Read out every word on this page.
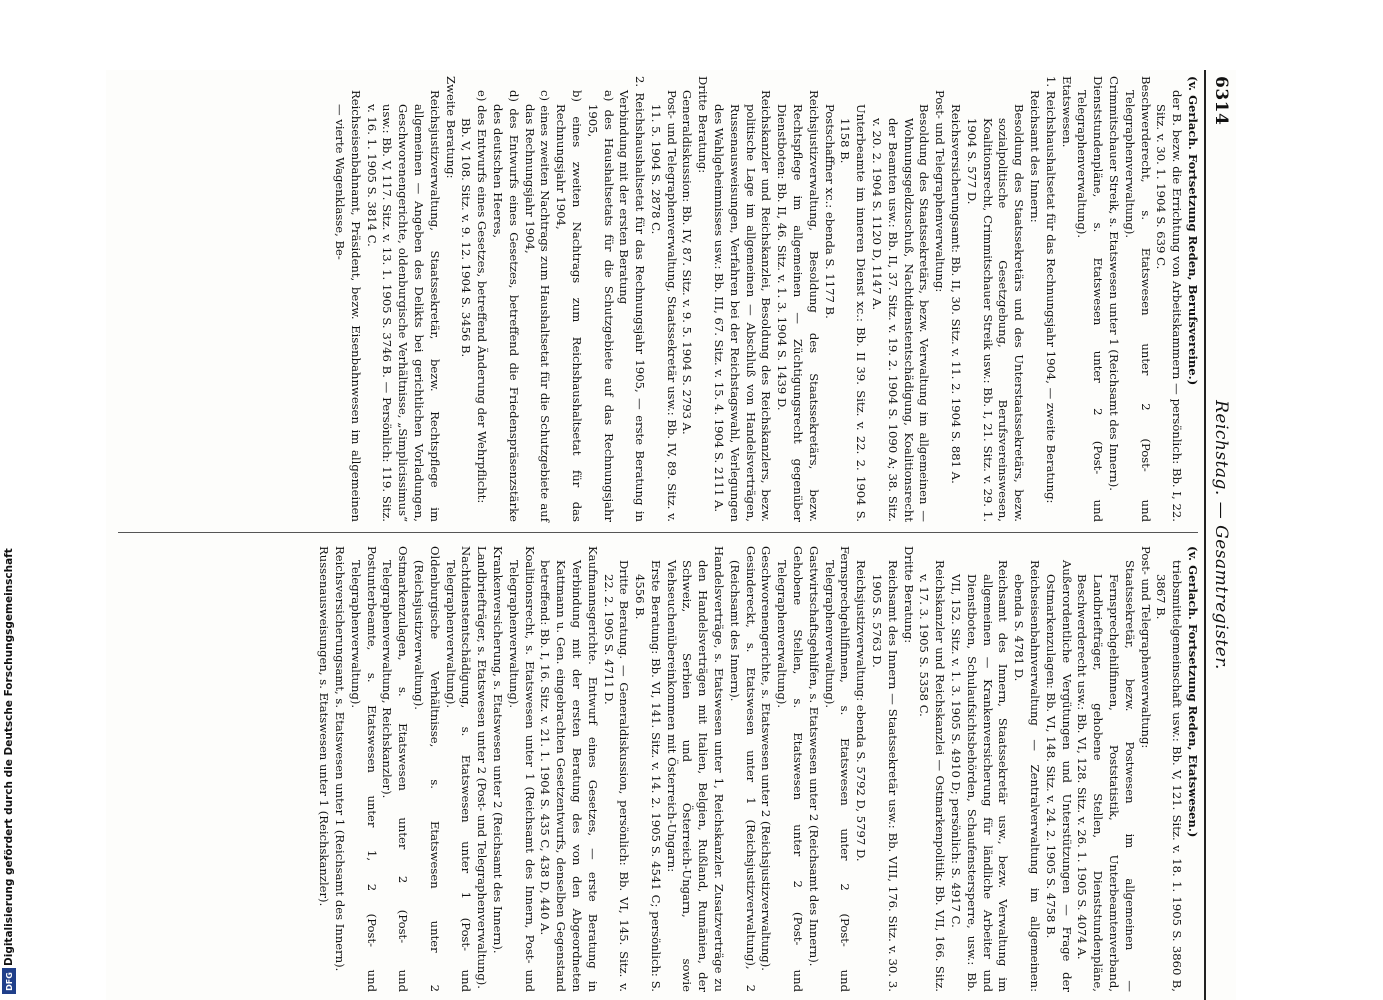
Digitalisierung gefördert durch die Deutsche Forschungsgemeinschaft
DFG
6314
Reichstag. — Gesamtregister.

(v. Gerlach. Fortsetzung Reden, Berufsvereine.)

der B. bezw. die Errichtung von Arbeitskammern — persönlich: Bb. I, 22. Sitz. v. 30. 1. 1904 S. 639 C.

Beschwerderecht, s. Etatswesen unter 2 (Post- und Telegraphenverwaltung).

Crimmitschauer Streik, s. Etatswesen unter 1 (Reichsamt des Innern).

Dienststundenpläne, s. Etatswesen unter 2 (Post- und Telegraphenverwaltung).

Etatswesen.

1. Reichshaushaltsetat für das Rechnungsjahr 1904, — zweite Beratung:

Reichsamt des Innern:

Besoldung des Staatssekretärs und des Unterstaatssekretärs, bezw. sozialpolitische Gesetzgebung, Berufsvereinswesen, Koalitionsrecht, Crimmitschauer Streik usw.: Bb. I, 21. Sitz. v. 29. 1. 1904 S. 577 D.

Reichsversicherungsamt: Bb. II, 30. Sitz. v. 11. 2. 1904 S. 881 A.

Post- und Telegraphenverwaltung:

Besoldung des Staatssekretärs, bezw. Verwaltung im allgemeinen — Wohnungsgeldzuschuß, Nachtdienstentschädigung, Koalitionsrecht der Beamten usw.: Bb. II, 37. Sitz. v. 19. 2. 1904 S. 1090 A; 38. Sitz. v. 20. 2. 1904 S. 1120 D, 1147 A.

Unterbeamte im inneren Dienst xc.: Bb. II 39. Sitz. v. 22. 2. 1904 S. 1158 B.

Postschaffner xc.: ebenda S. 1177 B.

Reichsjustizverwaltung, Besoldung des Staatssekretärs, bezw. Rechtspflege im allgemeinen — Züchtigungsrecht gegenüber Dienstboten: Bb. II, 46. Sitz. v. 1. 3. 1904 S. 1439 D.

Reichskanzler und Reichskanzlei, Besoldung des Reichskanzlers, bezw. politische Lage im allgemeinen — Abschluß von Handelsverträgen, Russenausweisungen, Verfahren bei der Reichstagswahl, Verlegungen des Wahlgeheimnisses usw.: Bb. III, 67. Sitz. v. 15. 4. 1904 S. 2111 A.

Dritte Beratung:

Generaldiskussion: Bb. IV, 87. Sitz. v. 9. 5. 1904 S. 2793 A.

Post- und Telegraphenverwaltung, Staatssekretär usw.: Bb. IV, 89. Sitz. v. 11. 5. 1904 S. 2878 C.

2. Reichshaushaltsetat für das Rechnungsjahr 1905, — erste Beratung in Verbindung mit der ersten Beratung

a) des Haushaltsetats für die Schutzgebiete auf das Rechnungsjahr 1905,

b) eines zweiten Nachtrags zum Reichshaushaltsetat für das Rechnungsjahr 1904,

c) eines zweiten Nachtrags zum Haushaltsetat für die Schutzgebiete auf das Rechnungsjahr 1904,

d) des Entwurfs eines Gesetzes, betreffend die Friedenspräsenzstärke des deutschen Heeres,

e) des Entwurfs eines Gesetzes, betreffend Änderung der Wehrpflicht:

Bb. V, 108. Sitz. v. 9. 12. 1904 S. 3456 B.

Zweite Beratung:

Reichsjustizverwaltung, Staatssekretär, bezw. Rechtspflege im allgemeinen — Angeben des Delikts bei gerichtlichen Vorladungen, Geschworenengerichte, oldenburgische Verhältnisse, „Simplicissimus“ usw.: Bb. V, 117. Sitz. v. 13. 1. 1905 S. 3746 B. — Persönlich: 119. Sitz. v. 16. 1. 1905 S. 3814 C.

Reichseisenbahnamt, Präsident, bezw. Eisenbahnwesen im allgemeinen — vierte Wagenklasse, Be-

(v. Gerlach. Fortsetzung Reden, Etatswesen.)

triebsmittelgemeinschaft usw.: Bb. V, 121. Sitz. v. 18. 1. 1905 S. 3860 B, 3867 B.

Post- und Telegraphenverwaltung:

Staatssekretär, bezw. Postwesen im allgemeinen — Fernsprechgehilfinnen, Poststatistik, Unterbeamtenverband, Landbriefträger, gehobene Stellen, Dienststundenpläne, Beschwerderecht usw.: Bb. VI, 128. Sitz. v. 26. 1. 1905 S. 4074 A.

Außerordentliche Vergütungen und Unterstützungen — Frage der Ostmarkenzulagen: Bb. VI, 148. Sitz. v. 24. 2. 1905 S. 4758 B.

Reichseisenbahnverwaltung — Zentralverwaltung im allgemeinen: ebenda S. 4781 D.

Reichsamt des Innern, Staatssekretär usw., bezw. Verwaltung im allgemeinen — Krankenversicherung für ländliche Arbeiter und Dienstboten, Schulaufsichtsbehörden, Schaufenstersperre, usw.: Bb. VII, 152. Sitz. v. 1. 3. 1905 S. 4910 D; persönlich: S. 4917 C.

Reichskanzler und Reichskanzlei — Ostmarkenpolitik: Bb. VII, 166. Sitz. v. 17. 3. 1905 S. 5358 C.

Dritte Beratung:

Reichsamt des Innern — Staatssekretär usw.: Bb. VIII, 176. Sitz. v. 30. 3. 1905 S. 5763 D.

Reichsjustizverwaltung: ebenda S. 5792 D, 5797 D.

Fernsprechgehilfinnen, s. Etatswesen unter 2 (Post- und Telegraphenverwaltung).

Gastwirtschaftsgehilfen, s. Etatswesen unter 2 (Reichsamt des Innern).

Gehobene Stellen, s. Etatswesen unter 2 (Post- und Telegraphenverwaltung).

Geschworenengerichte, s. Etatswesen unter 2 (Reichsjustizverwaltung).

Gesindereckt, s. Etatswesen unter 1 (Reichsjustizverwaltung), 2 (Reichsamt des Innern).

Handelsverträge, s. Etatswesen unter 1, Reichskanzler. Zusatzverträge zu den Handelsverträgen mit Italien, Belgien, Rußland, Rumänien, der Schweiz, Serbien und Österreich-Ungarn, sowie Viehseuchenübereinkommen mit Österreich-Ungarn:

Erste Beratung: Bb. VI, 141. Sitz. v. 14. 2. 1905 S. 4541 C; persönlich: S. 4556 B.

Dritte Beratung. — Generaldiskussion, persönlich: Bb. VI, 145. Sitz. v. 22. 2. 1905 S. 4711 D.

Kaufmannsgerichte. Entwurf eines Gesetzes, — erste Beratung in Verbindung mit der ersten Beratung des von den Abgeordneten Kattmann u. Gen. eingebrachten Gesetzentwurfs, denselben Gegenstand betreffend: Bb. I, 16. Sitz. v. 21. 1. 1904 S. 435 C, 438 D, 440 A.

Koalitionsrecht, s. Etatswesen unter 1 (Reichsamt des Innern, Post- und Telegraphenverwaltung).

Krankenversicherung, s. Etatswesen unter 2 (Reichsamt des Innern).

Landbriefträger, s. Etatswesen unter 2 (Post- und Telegraphenverwaltung).

Nachtdienstentschädigung, s. Etatswesen unter 1 (Post- und Telegraphenverwaltung).

Oldenburgische Verhältnisse, s. Etatswesen unter 2 (Reichsjustizverwaltung).

Ostmarkenzulagen, s. Etatswesen unter 2 (Post- und Telegraphenverwaltung, Reichskanzler).

Postunterbeamte, s. Etatswesen unter 1, 2 (Post- und Telegraphenverwaltung).

Reichsversicherungsamt, s. Etatswesen unter 1 (Reichsamt des Innern).

Russenausweisungen, s. Etatswesen unter 1 (Reichskanzler).
